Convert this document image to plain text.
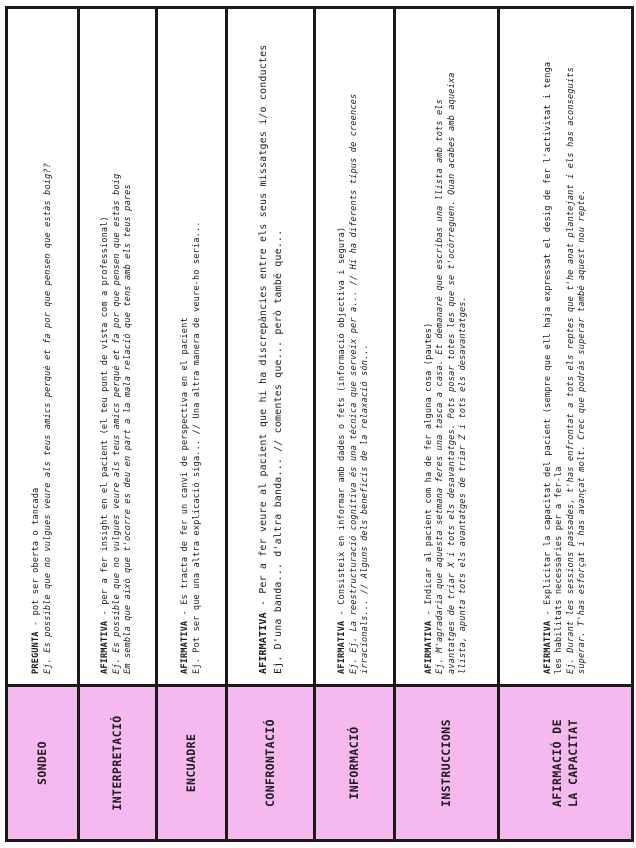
SONDEO	PREGUNTA - pot ser oberta o tancada Ej. És possible que no vulgues veure als teus amics perquè et fa por que pensen que estàs boig??

INTERPRETACIÓ	AFIRMATIVA - per a fer insight en el pacient (el teu punt de vista com a professional) Ej. És possible que no vulgues veure als teus amics perquè et fa por que pensen que estàs boig Em sembla que això que t'ocorre es deu en part a la mala relació que tens amb els teus pares

ENCUADRE	AFIRMATIVA - Es tracta de fer un canvi de perspectiva en el pacient Ej. Pot ser que una altra explicació siga... // Una altra manera de veure-ho seria...

CONFRONTACIÓ	AFIRMATIVA - Per a fer veure al pacient que hi ha discrepàncies entre els seus missatges i/o conductes Ej. D'una banda... d'altra banda... // comentes que... però també que...

INFORMACIÓ	AFIRMATIVA - Consisteix en informar amb dades o fets (informació objectiva i segura) Ej. Ej. La reestructuració cognitiva és una tècnica que serveix per a... // Hi ha diferents tipus de creences irracionals... // Alguns dels beneficis de la relaxació són...

INSTRUCCIONS	AFIRMATIVA - Indicar al pacient com ha de fer alguna cosa (pautes) Ej. M'agradaria que aquesta setmana feres una tasca a casa. Et demanaré que escribas una llista amb tots els avantatges de triar X i tots els desavantatges. Pots posar totes les que se t'ocórreguen. Quan acabes amb aqueixa llista, apunta tots els avantatges de triar Z i tots els desavantatges.

AFIRMACIÓ DE LA CAPACITAT	AFIRMATIVA - Explicitar la capacitat del pacient (sempre que ell haja expressat el desig de fer l'activitat i tenga les habilitats necessàries per a fer-la Ej. Durant les sessions passades, t'has enfrontat a tots els reptes que t'he anat plantejant i els has aconseguits superar. T'has esforçat i has avançat molt. Crec que podràs superar també aquest nou repte.
